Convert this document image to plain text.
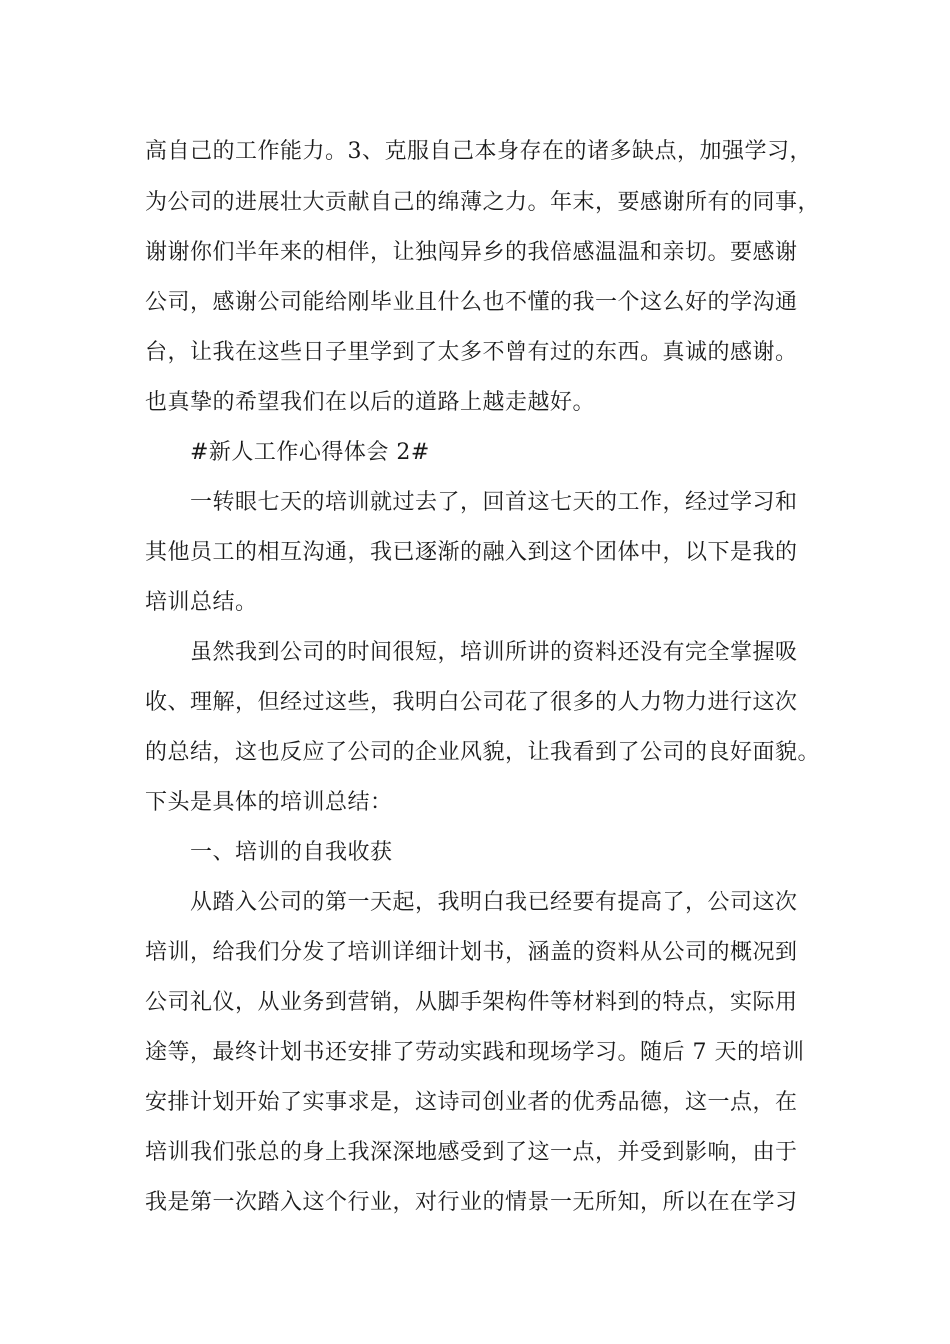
高自己的工作能力。3、克服自己本身存在的诸多缺点，加强学习，
为公司的进展壮大贡献自己的绵薄之力。年末，要感谢所有的同事，
谢谢你们半年来的相伴，让独闯异乡的我倍感温温和亲切。要感谢
公司，感谢公司能给刚毕业且什么也不懂的我一个这么好的学沟通
台，让我在这些日子里学到了太多不曾有过的东西。真诚的感谢。
也真挚的希望我们在以后的道路上越走越好。
#新人工作心得体会 2#
一转眼七天的培训就过去了，回首这七天的工作，经过学习和
其他员工的相互沟通，我已逐渐的融入到这个团体中，以下是我的
培训总结。
虽然我到公司的时间很短，培训所讲的资料还没有完全掌握吸
收、理解，但经过这些，我明白公司花了很多的人力物力进行这次
的总结，这也反应了公司的企业风貌，让我看到了公司的良好面貌。
下头是具体的培训总结：
一、培训的自我收获
从踏入公司的第一天起，我明白我已经要有提高了，公司这次
培训，给我们分发了培训详细计划书，涵盖的资料从公司的概况到
公司礼仪，从业务到营销，从脚手架构件等材料到的特点，实际用
途等，最终计划书还安排了劳动实践和现场学习。随后 7 天的培训
安排计划开始了实事求是，这诗司创业者的优秀品德，这一点，在
培训我们张总的身上我深深地感受到了这一点，并受到影响，由于
我是第一次踏入这个行业，对行业的情景一无所知，所以在在学习
